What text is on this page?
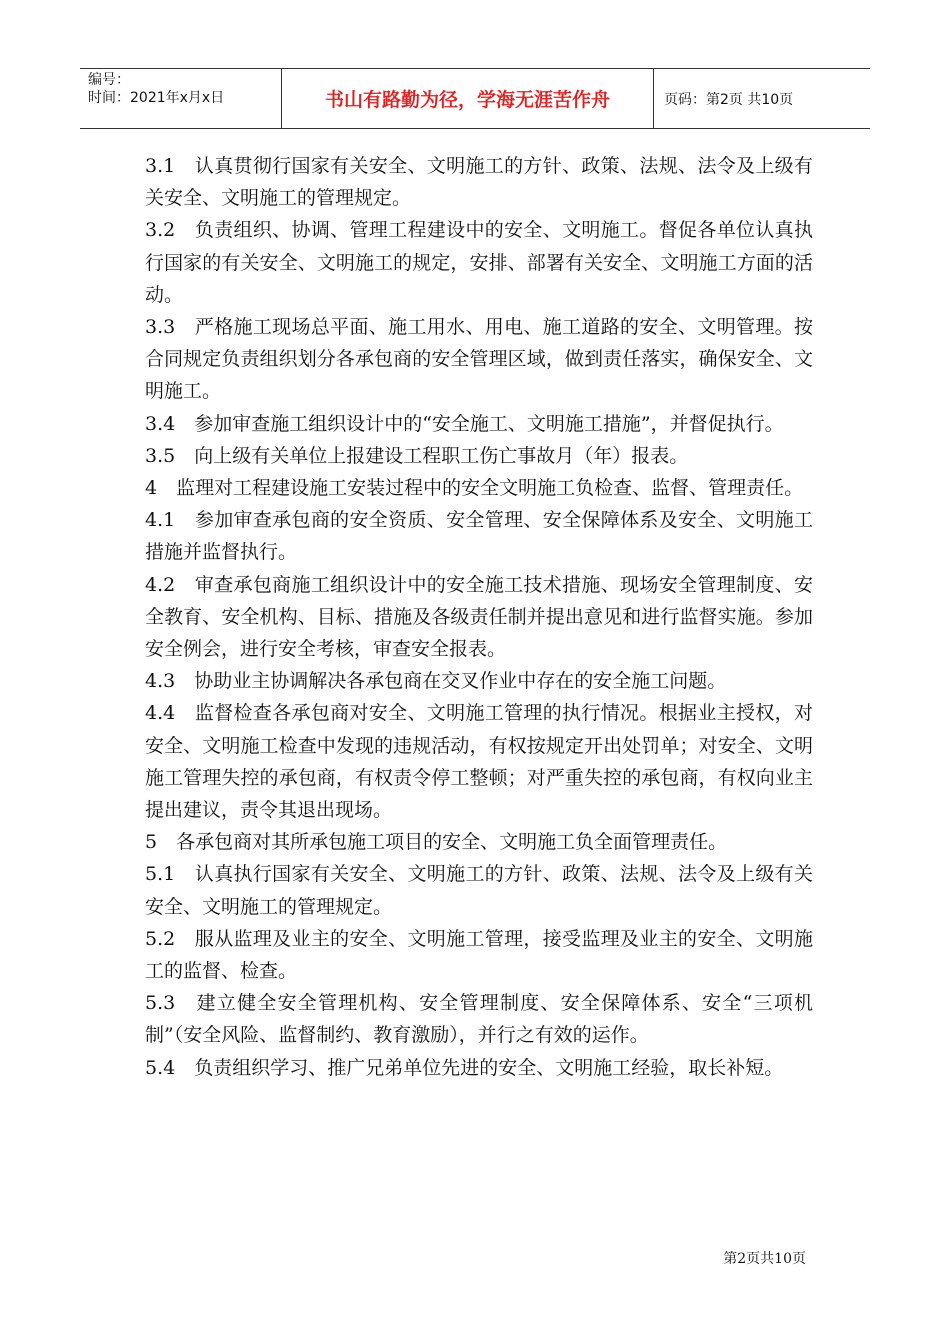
编号：
时间：2021年x月x日	书山有路勤为径，学海无涯苦作舟	页码：第2页 共10页

3.1　认真贯彻行国家有关安全、文明施工的方针、政策、法规、法令及上级有关安全、文明施工的管理规定。

3.2　负责组织、协调、管理工程建设中的安全、文明施工。督促各单位认真执行国家的有关安全、文明施工的规定，安排、部署有关安全、文明施工方面的活动。

3.3　严格施工现场总平面、施工用水、用电、施工道路的安全、文明管理。按合同规定负责组织划分各承包商的安全管理区域，做到责任落实，确保安全、文明施工。

3.4　参加审查施工组织设计中的“安全施工、文明施工措施”，并督促执行。

3.5　向上级有关单位上报建设工程职工伤亡事故月（年）报表。

4　监理对工程建设施工安装过程中的安全文明施工负检查、监督、管理责任。

4.1　参加审查承包商的安全资质、安全管理、安全保障体系及安全、文明施工措施并监督执行。

4.2　审查承包商施工组织设计中的安全施工技术措施、现场安全管理制度、安全教育、安全机构、目标、措施及各级责任制并提出意见和进行监督实施。参加安全例会，进行安全考核，审查安全报表。

4.3　协助业主协调解决各承包商在交叉作业中存在的安全施工问题。

4.4　监督检查各承包商对安全、文明施工管理的执行情况。根据业主授权，对安全、文明施工检查中发现的违规活动，有权按规定开出处罚单；对安全、文明施工管理失控的承包商，有权责令停工整顿；对严重失控的承包商，有权向业主提出建议，责令其退出现场。

5　各承包商对其所承包施工项目的安全、文明施工负全面管理责任。

5.1　认真执行国家有关安全、文明施工的方针、政策、法规、法令及上级有关安全、文明施工的管理规定。

5.2　服从监理及业主的安全、文明施工管理，接受监理及业主的安全、文明施工的监督、检查。

5.3　建立健全安全管理机构、安全管理制度、安全保障体系、安全“三项机制”（安全风险、监督制约、教育激励），并行之有效的运作。

5.4　负责组织学习、推广兄弟单位先进的安全、文明施工经验，取长补短。

第2页共10页
